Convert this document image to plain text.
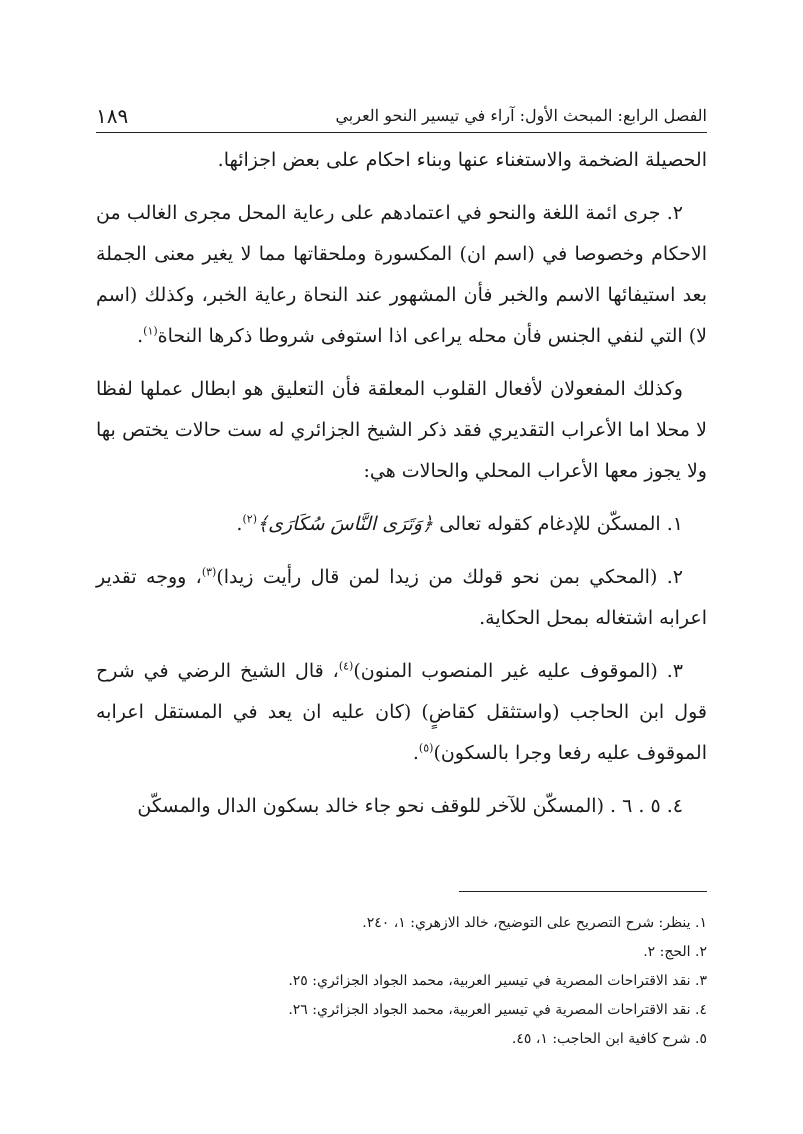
الفصل الرابع: المبحث الأول: آراء في تيسير النحو العربي
١٨٩

الحصيلة الضخمة والاستغناء عنها وبناء احكام على بعض اجزائها.

٢. جرى ائمة اللغة والنحو في اعتمادهم على رعاية المحل مجرى الغالب من الاحكام وخصوصا في (اسم ان) المكسورة وملحقاتها مما لا يغير معنى الجملة بعد استيفائها الاسم والخبر فأن المشهور عند النحاة رعاية الخبر، وكذلك (اسم لا) التي لنفي الجنس فأن محله يراعى اذا استوفى شروطا ذكرها النحاة$^{(١)}$.

وكذلك المفعولان لأفعال القلوب المعلقة فأن التعليق هو ابطال عملها لفظا لا محلا اما الأعراب التقديري فقد ذكر الشيخ الجزائري له ست حالات يختص بها ولا يجوز معها الأعراب المحلي والحالات هي:

١. المسكّن للإدغام كقوله تعالى ﴿وَتَرَى النَّاسَ سُكَارَى﴾$^{(٢)}$.

٢. (المحكي بمن نحو قولك من زيدا لمن قال رأيت زيدا)$^{(٣)}$، ووجه تقدير اعرابه اشتغاله بمحل الحكاية.

٣. (الموقوف عليه غير المنصوب المنون)$^{(٤)}$، قال الشيخ الرضي في شرح قول ابن الحاجب (واستثقل كقاضٍ) (كان عليه ان يعد في المستقل اعرابه الموقوف عليه رفعا وجرا بالسكون)$^{(٥)}$.

٤. ٥ . ٦ . (المسكّن للآخر للوقف نحو جاء خالد بسكون الدال والمسكّن

١. ينظر: شرح التصريح على التوضيح، خالد الازهري: ١، ٢٤٠.

٢. الحج: ٢.

٣. نقد الاقتراحات المصرية في تيسير العربية، محمد الجواد الجزائري: ٢٥.

٤. نقد الاقتراحات المصرية في تيسير العربية، محمد الجواد الجزائري: ٢٦.

٥. شرح كافية ابن الحاجب: ١، ٤٥.
